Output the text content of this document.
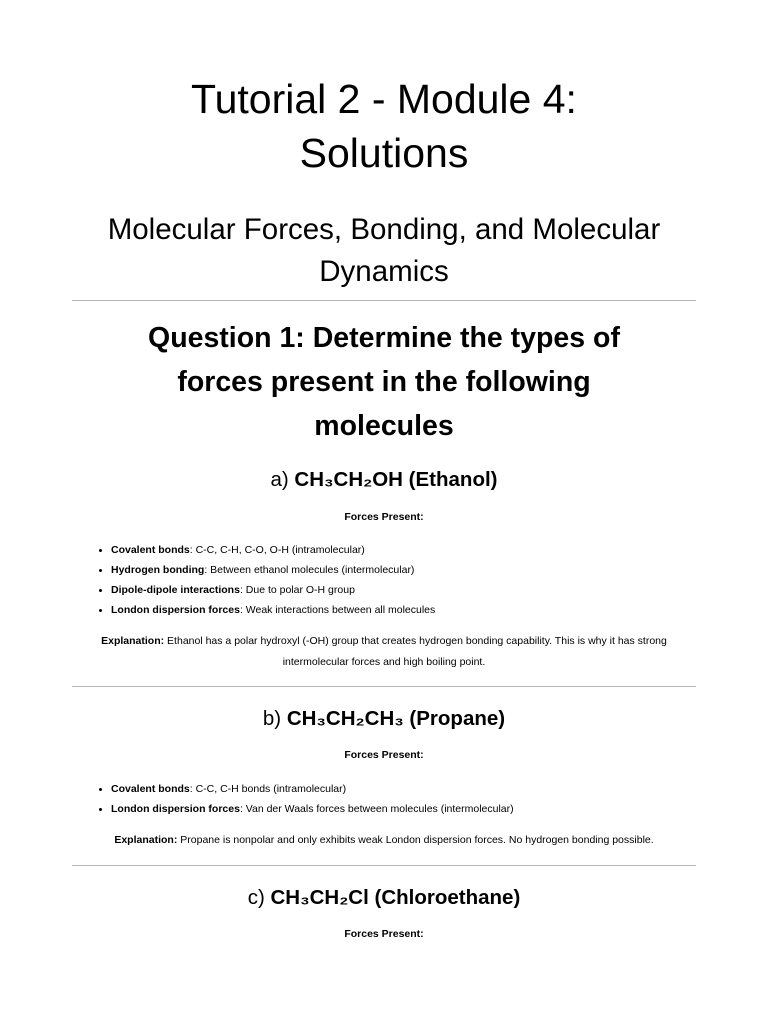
Tutorial 2 - Module 4:
Solutions
Molecular Forces, Bonding, and Molecular
Dynamics
Question 1: Determine the types of
forces present in the following
molecules
a) CH₃CH₂OH (Ethanol)

Forces Present:

• Covalent bonds: C-C, C-H, C-O, O-H (intramolecular)
• Hydrogen bonding: Between ethanol molecules (intermolecular)
• Dipole-dipole interactions: Due to polar O-H group
• London dispersion forces: Weak interactions between all molecules

Explanation: Ethanol has a polar hydroxyl (-OH) group that creates hydrogen bonding capability. This is why it has strong intermolecular forces and high boiling point.

b) CH₃CH₂CH₃ (Propane)

Forces Present:

• Covalent bonds: C-C, C-H bonds (intramolecular)
• London dispersion forces: Van der Waals forces between molecules (intermolecular)

Explanation: Propane is nonpolar and only exhibits weak London dispersion forces. No hydrogen bonding possible.

c) CH₃CH₂Cl (Chloroethane)

Forces Present:
